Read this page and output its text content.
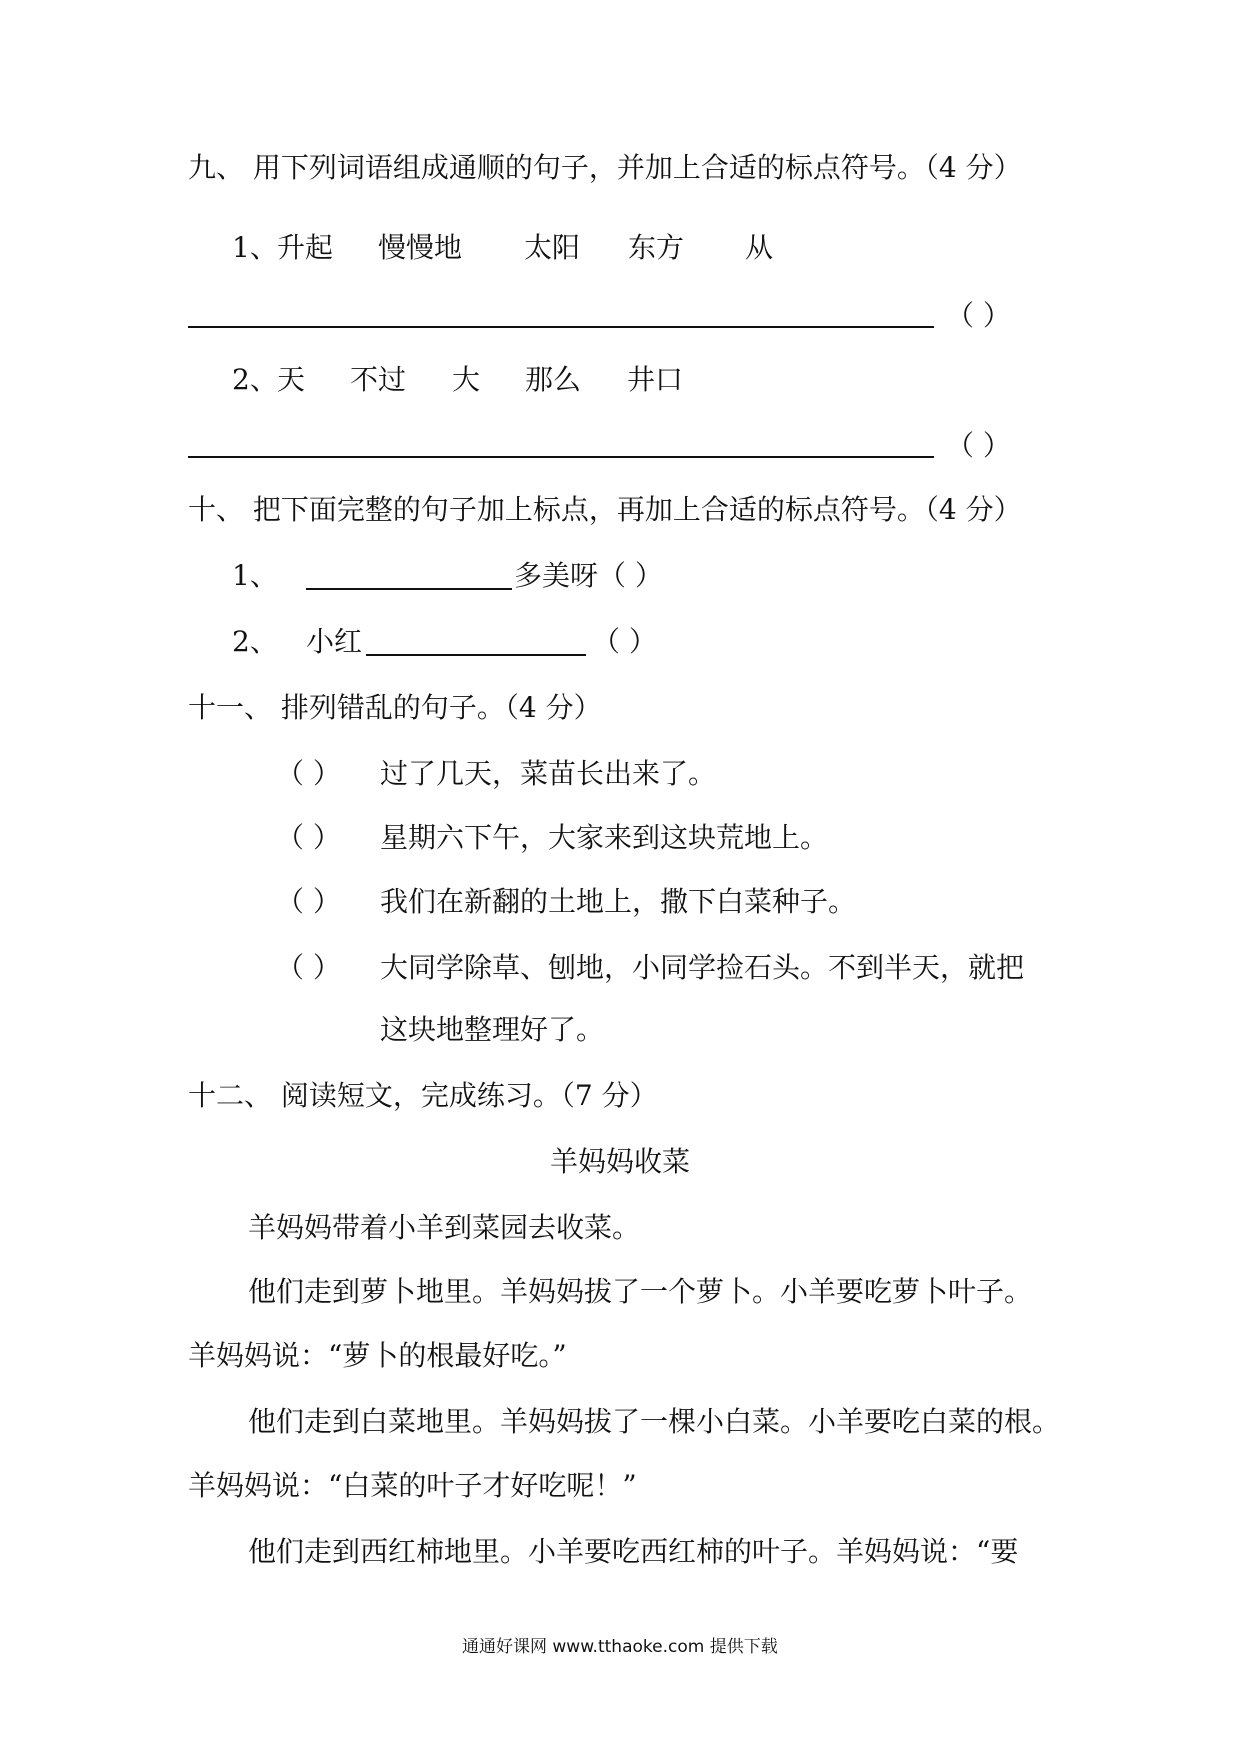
九、 用下列词语组成通顺的句子，并加上合适的标点符号。（4 分）
1、 升起 慢慢地 太阳 东方 从
（ ）
2、 天 不过 大 那么 井口
（ ）
十、 把下面完整的句子加上标点，再加上合适的标点符号。（4 分）
1、	多美呀（ ）
2、 小红	（ ）
十一、 排列错乱的句子。（4 分）
（ ） 过了几天，菜苗长出来了。
（ ） 星期六下午，大家来到这块荒地上。
（ ） 我们在新翻的土地上，撒下白菜种子。
（ ） 大同学除草、刨地，小同学捡石头。不到半天，就把
这块地整理好了。
十二、 阅读短文，完成练习。（7 分）
羊妈妈收菜
羊妈妈带着小羊到菜园去收菜。
他们走到萝卜地里。羊妈妈拔了一个萝卜。小羊要吃萝卜叶子。
羊妈妈说：“萝卜的根最好吃。”
他们走到白菜地里。羊妈妈拔了一棵小白菜。小羊要吃白菜的根。
羊妈妈说：“白菜的叶子才好吃呢！”
他们走到西红柿地里。小羊要吃西红柿的叶子。羊妈妈说：“要
通通好课网 www.tthaoke.com 提供下载
